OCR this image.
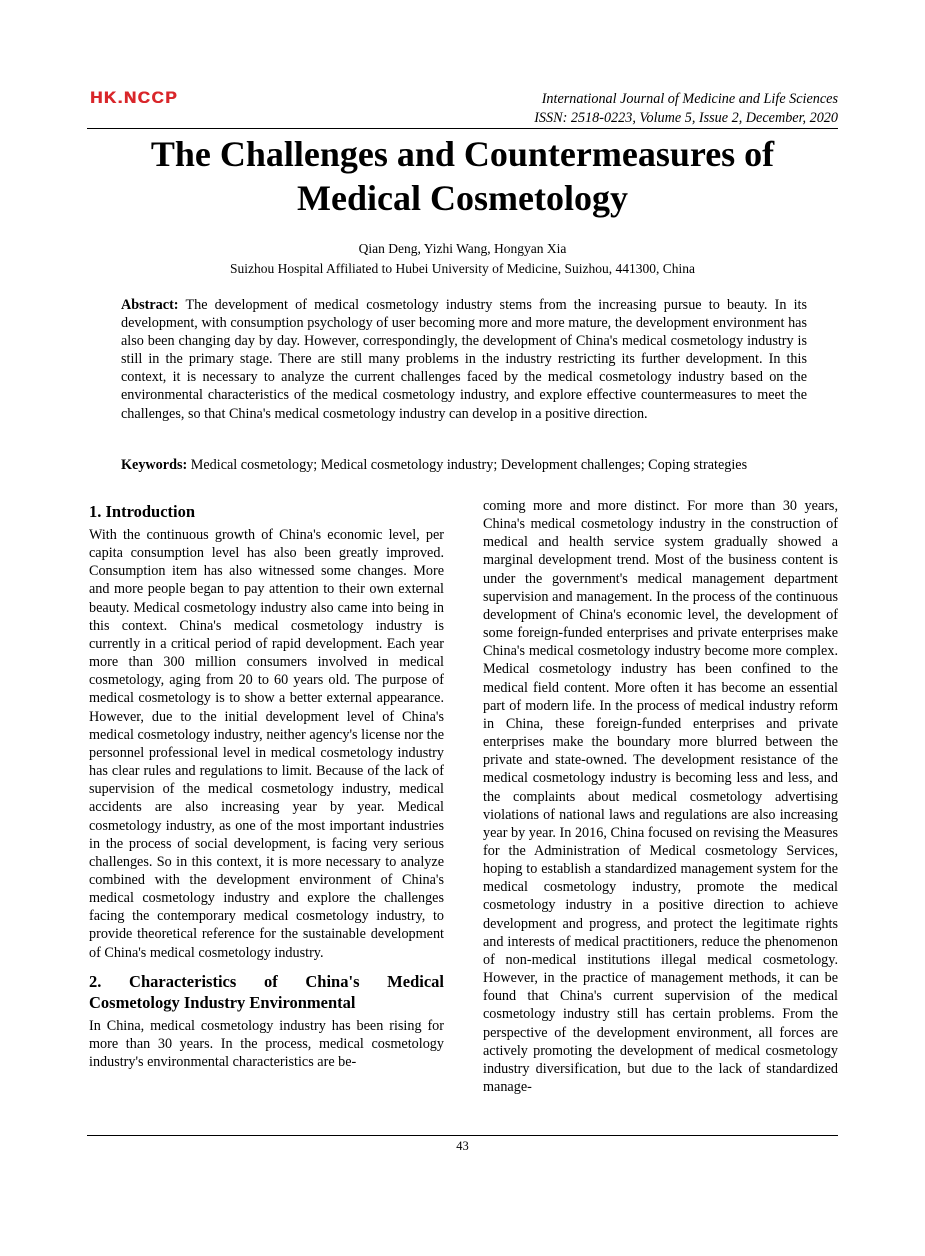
HK.NCCP	International Journal of Medicine and Life Sciences
ISSN: 2518-0223, Volume 5, Issue 2, December, 2020
The Challenges and Countermeasures of
Medical Cosmetology
Qian Deng, Yizhi Wang, Hongyan Xia
Suizhou Hospital Affiliated to Hubei University of Medicine, Suizhou, 441300, China
Abstract: The development of medical cosmetology industry stems from the increasing pursue to beauty. In its development, with consumption psychology of user becoming more and more mature, the development environment has also been changing day by day. However, correspondingly, the development of China's medical cosmetology industry is still in the primary stage. There are still many problems in the industry restricting its further development. In this context, it is necessary to analyze the current challenges faced by the medical cosmetology industry based on the environmental characteristics of the medical cosmetology industry, and explore effective countermeasures to meet the challenges, so that China's medical cosmetology industry can develop in a positive direction.
Keywords: Medical cosmetology; Medical cosmetology industry; Development challenges; Coping strategies
1. Introduction

With the continuous growth of China's economic level, per capita consumption level has also been greatly improved. Consumption item has also witnessed some changes. More and more people began to pay attention to their own external beauty. Medical cosmetology industry also came into being in this context. China's medical cosmetology industry is currently in a critical period of rapid development. Each year more than 300 million consumers involved in medical cosmetology, aging from 20 to 60 years old. The purpose of medical cosmetology is to show a better external appearance. However, due to the initial development level of China's medical cosmetology industry, neither agency's license nor the personnel professional level in medical cosmetology industry has clear rules and regulations to limit. Because of the lack of supervision of the medical cosmetology industry, medical accidents are also increasing year by year. Medical cosmetology industry, as one of the most important industries in the process of social development, is facing very serious challenges. So in this context, it is more necessary to analyze combined with the development environment of China's medical cosmetology industry and explore the challenges facing the contemporary medical cosmetology industry, to provide theoretical reference for the sustainable development of China's medical cosmetology industry.

2. Characteristics of China's Medical Cosmetology Industry Environmental

In China, medical cosmetology industry has been rising for more than 30 years. In the process, medical cosmetology industry's environmental characteristics are be-

coming more and more distinct. For more than 30 years, China's medical cosmetology industry in the construction of medical and health service system gradually showed a marginal development trend. Most of the business content is under the government's medical management department supervision and management. In the process of the continuous development of China's economic level, the development of some foreign-funded enterprises and private enterprises make China's medical cosmetology industry become more complex. Medical cosmetology industry has been confined to the medical field content. More often it has become an essential part of modern life. In the process of medical industry reform in China, these foreign-funded enterprises and private enterprises make the boundary more blurred between the private and state-owned. The development resistance of the medical cosmetology industry is becoming less and less, and the complaints about medical cosmetology advertising violations of national laws and regulations are also increasing year by year. In 2016, China focused on revising the Measures for the Administration of Medical cosmetology Services, hoping to establish a standardized management system for the medical cosmetology industry, promote the medical cosmetology industry in a positive direction to achieve development and progress, and protect the legitimate rights and interests of medical practitioners, reduce the phenomenon of non-medical institutions illegal medical cosmetology. However, in the practice of management methods, it can be found that China's current supervision of the medical cosmetology industry still has certain problems. From the perspective of the development environment, all forces are actively promoting the development of medical cosmetology industry diversification, but due to the lack of standardized manage-

43
